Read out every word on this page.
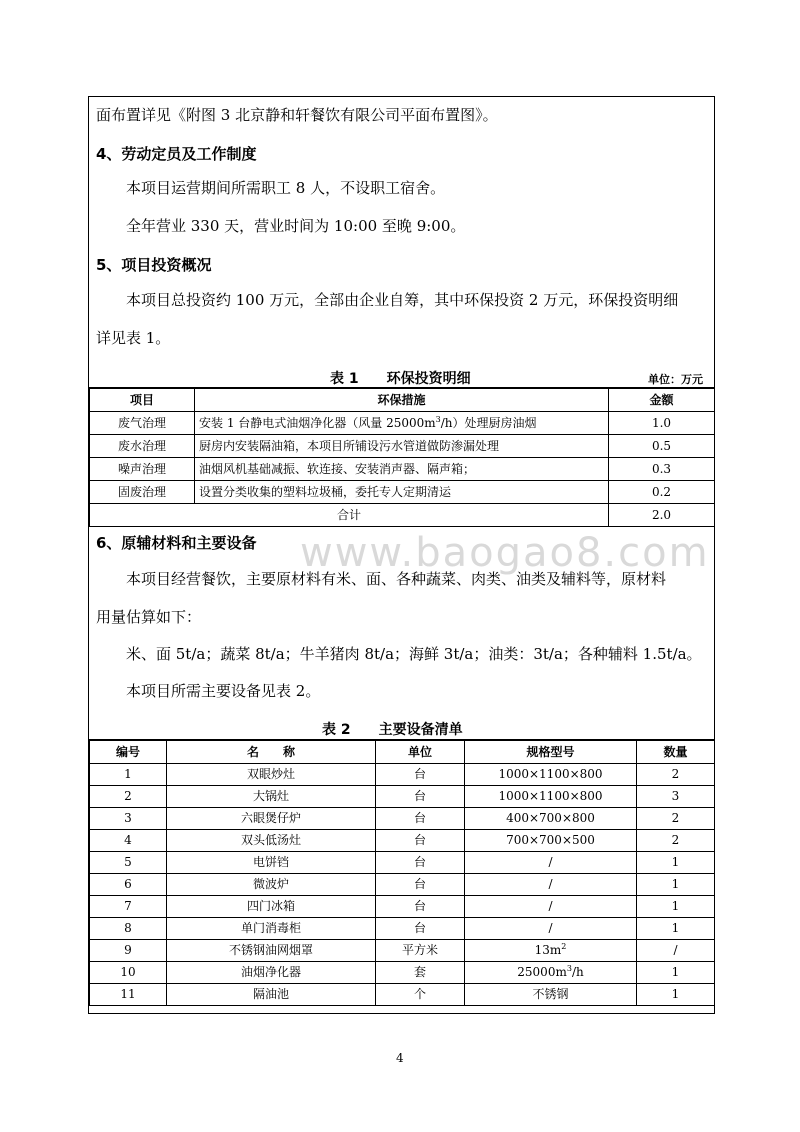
面布置详见《附图 3 北京静和轩餐饮有限公司平面布置图》。
4、劳动定员及工作制度
本项目运营期间所需职工 8 人，不设职工宿舍。
全年营业 330 天，营业时间为 10:00 至晚 9:00。
5、项目投资概况
本项目总投资约 100 万元，全部由企业自筹，其中环保投资 2 万元，环保投资明细
详见表 1。
表 1　　环保投资明细	单位：万元
项目	环保措施	金额
废气治理	安装 1 台静电式油烟净化器（风量 $25000m^3/h$）处理厨房油烟	1.0
废水治理	厨房内安装隔油箱，本项目所铺设污水管道做防渗漏处理	0.5
噪声治理	油烟风机基础减振、软连接、安装消声器、隔声箱；	0.3
固废治理	设置分类收集的塑料垃圾桶，委托专人定期清运	0.2
合计		2.0
www.baogao8.com
6、原辅材料和主要设备
本项目经营餐饮，主要原材料有米、面、各种蔬菜、肉类、油类及辅料等，原材料
用量估算如下：
米、面 5t/a；蔬菜 8t/a；牛羊猪肉 8t/a；海鲜 3t/a；油类：3t/a；各种辅料 1.5t/a。
本项目所需主要设备见表 2。
表 2　　主要设备清单
编号	名　　称	单位	规格型号	数量
1	双眼炒灶	台	1000×1100×800	2
2	大锅灶	台	1000×1100×800	3
3	六眼煲仔炉	台	400×700×800	2
4	双头低汤灶	台	700×700×500	2
5	电饼铛	台	/	1
6	微波炉	台	/	1
7	四门冰箱	台	/	1
8	单门消毒柜	台	/	1
9	不锈钢油网烟罩	平方米	$13m^2$	/
10	油烟净化器	套	$25000m^3/h$	1
11	隔油池	个	不锈钢	1
4
